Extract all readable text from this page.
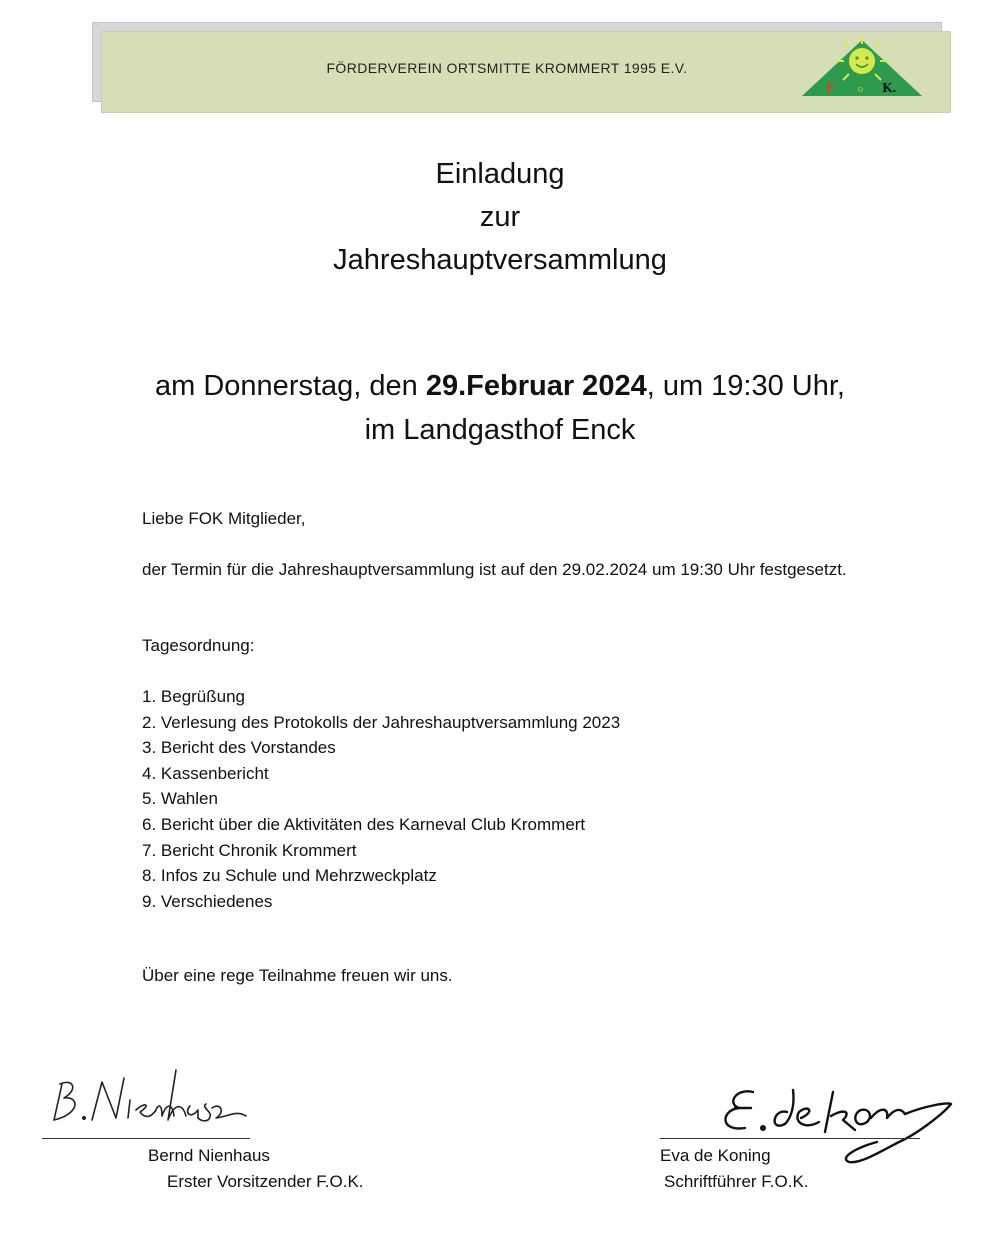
FÖRDERVEREIN ORTSMITTE KROMMERT 1995 E.V.
F	O K.
Einladung
zur
Jahreshauptversammlung
am Donnerstag, den 29.Februar 2024, um 19:30 Uhr,
im Landgasthof Enck

Liebe FOK Mitglieder,

der Termin für die Jahreshauptversammlung ist auf den 29.02.2024 um 19:30 Uhr festgesetzt.

Tagesordnung:

1. Begrüßung
2. Verlesung des Protokolls der Jahreshauptversammlung 2023
3. Bericht des Vorstandes
4. Kassenbericht
5. Wahlen
6. Bericht über die Aktivitäten des Karneval Club Krommert
7. Bericht Chronik Krommert
8. Infos zu Schule und Mehrzweckplatz
9. Verschiedenes

Über eine rege Teilnahme freuen wir uns.

Bernd Nienhaus
Erster Vorsitzender F.O.K.
Eva de Koning
Schriftführer F.O.K.
